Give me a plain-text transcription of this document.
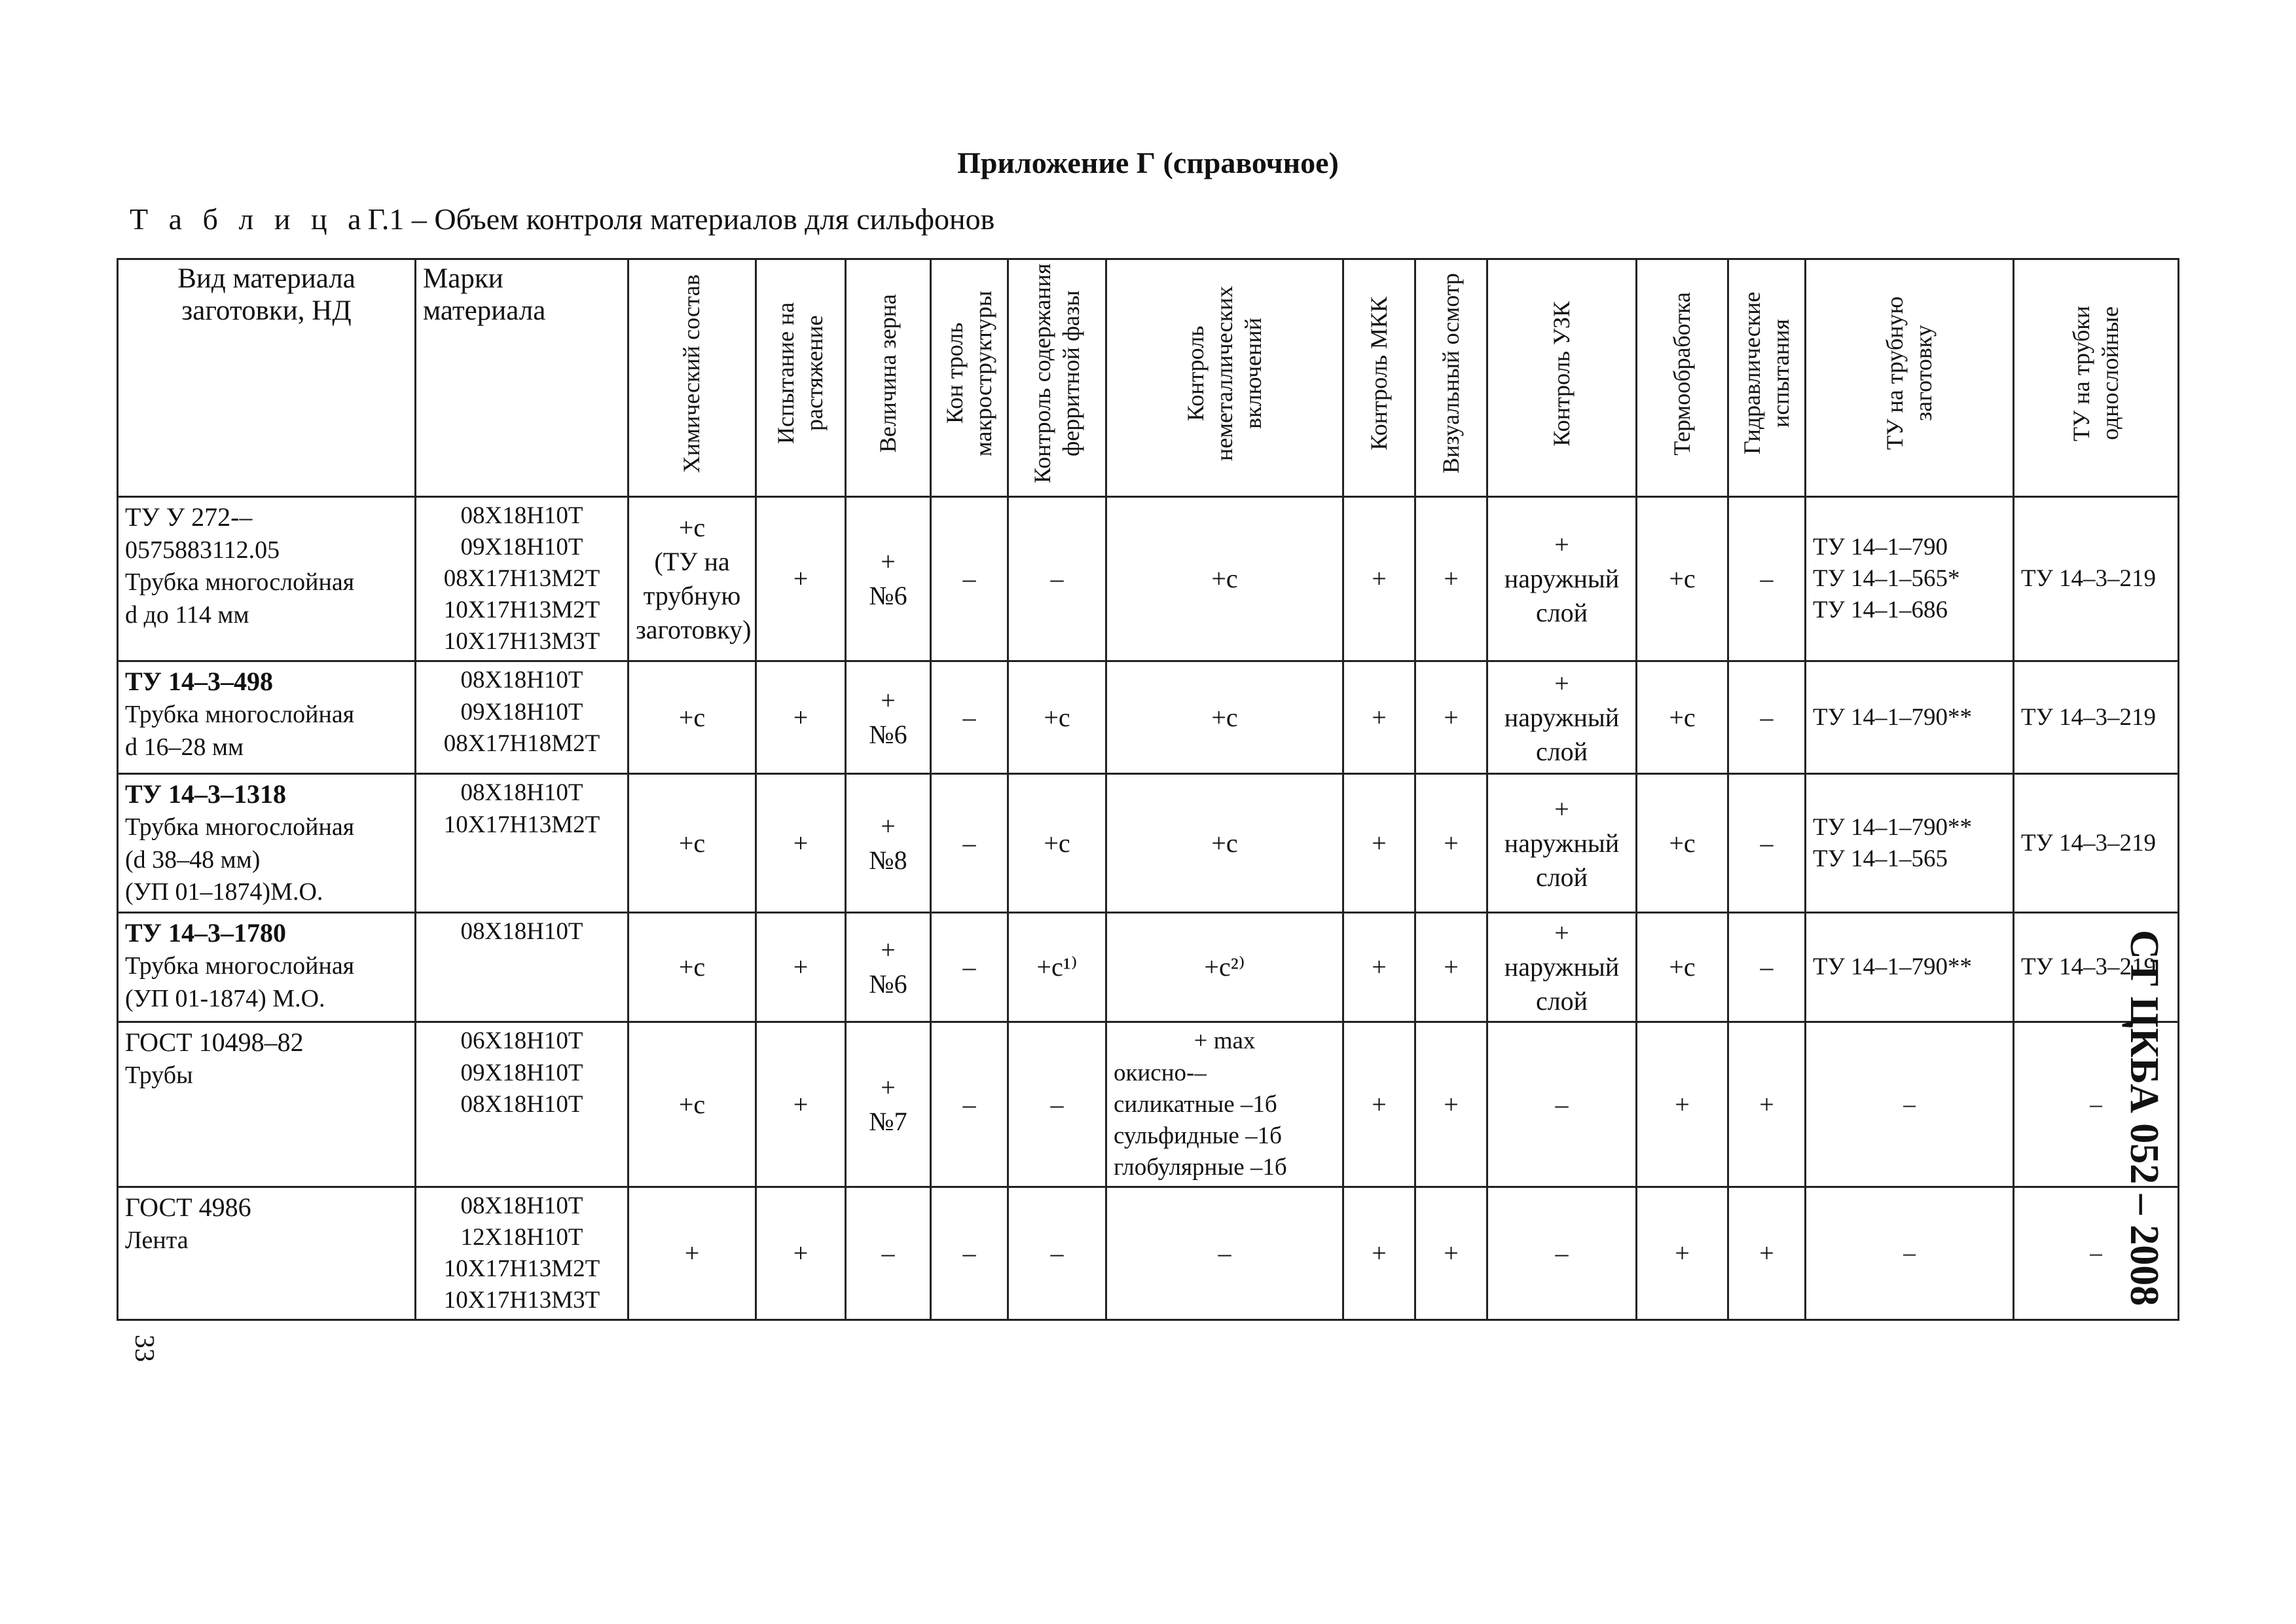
Приложение Г (справочное)
Т а б л и ц аГ.1 – Объем контроля материалов для сильфонов
Вид материала заготовки, НД	Марки материала	Химический состав	Испытание на растяжение	Величина зерна	Кон троль макроструктуры	Контроль содержания ферритной фазы	Контроль неметаллических включений	Контроль МКК	Визуальный осмотр	Контроль УЗК	Термообработка	Гидравлические испытания	ТУ на трубную заготовку	ТУ на трубки однослойные

ТУ У 272-–
0575883112.05
Трубка многослойная
d до 114 мм	08Х18Н10Т
09Х18Н10Т
08Х17Н13М2Т
10Х17Н13М2Т
10Х17Н13М3Т	+с
(ТУ на
трубную
заготовку)	+	+
№6	–	–	+с	+	+	+
наружный
слой	+с	–	ТУ 14–1–790
ТУ 14–1–565*
ТУ 14–1–686	ТУ 14–3–219

ТУ 14–3–498
Трубка многослойная
d 16–28 мм	08Х18Н10Т
09Х18Н10Т
08Х17Н18М2Т	+с	+	+
№6	–	+с	+с	+	+	+
наружный
слой	+с	–	ТУ 14–1–790**	ТУ 14–3–219

ТУ 14–3–1318
Трубка многослойная
(d 38–48 мм)
(УП 01–1874)М.О.	08Х18Н10Т
10Х17Н13М2Т	+с	+	+
№8	–	+с	+с	+	+	+
наружный
слой	+с	–	ТУ 14–1–790**
ТУ 14–1–565	ТУ 14–3–219

ТУ 14–3–1780
Трубка многослойная
(УП 01-1874) М.О.	08Х18Н10Т	+с	+	+
№6	–	+с¹⁾	+с²⁾	+	+	+
наружный
слой	+с	–	ТУ 14–1–790**	ТУ 14–3–219

ГОСТ 10498–82
Трубы	06Х18Н10Т
09Х18Н10Т
08Х18Н10Т	+с	+	+
№7	–	–	+ max
окисно-–
силикатные –1б
сульфидные –1б
глобулярные –1б	+	+	–	+	+	–	–

ГОСТ 4986
Лента	08Х18Н10Т
12Х18Н10Т
10Х17Н13М2Т
10Х17Н13М3Т	+	+	–	–	–	–	+	+	–	+	+	–	– СТ ЦКБА 052 – 2008
33
